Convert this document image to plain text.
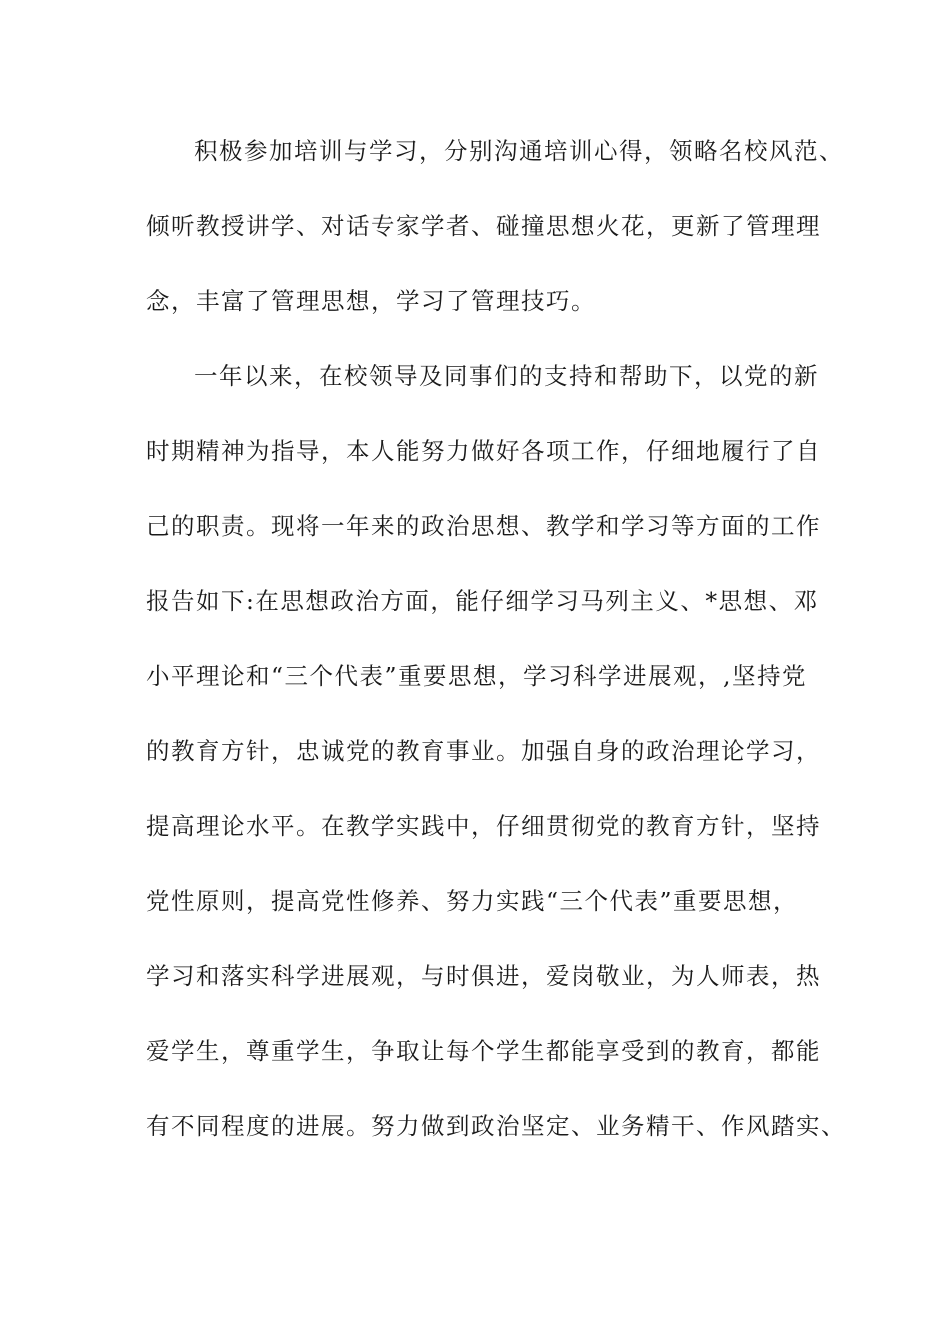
积极参加培训与学习，分别沟通培训心得，领略名校风范、
倾听教授讲学、对话专家学者、碰撞思想火花，更新了管理理
念，丰富了管理思想，学习了管理技巧。
一年以来，在校领导及同事们的支持和帮助下，以党的新
时期精神为指导，本人能努力做好各项工作，仔细地履行了自
己的职责。现将一年来的政治思想、教学和学习等方面的工作
报告如下:在思想政治方面，能仔细学习马列主义、*思想、邓
小平理论和“三个代表”重要思想，学习科学进展观，,坚持党
的教育方针，忠诚党的教育事业。加强自身的政治理论学习，
提高理论水平。在教学实践中，仔细贯彻党的教育方针，坚持
党性原则，提高党性修养、努力实践“三个代表”重要思想，
学习和落实科学进展观，与时俱进，爱岗敬业，为人师表，热
爱学生，尊重学生，争取让每个学生都能享受到的教育，都能
有不同程度的进展。努力做到政治坚定、业务精干、作风踏实、
